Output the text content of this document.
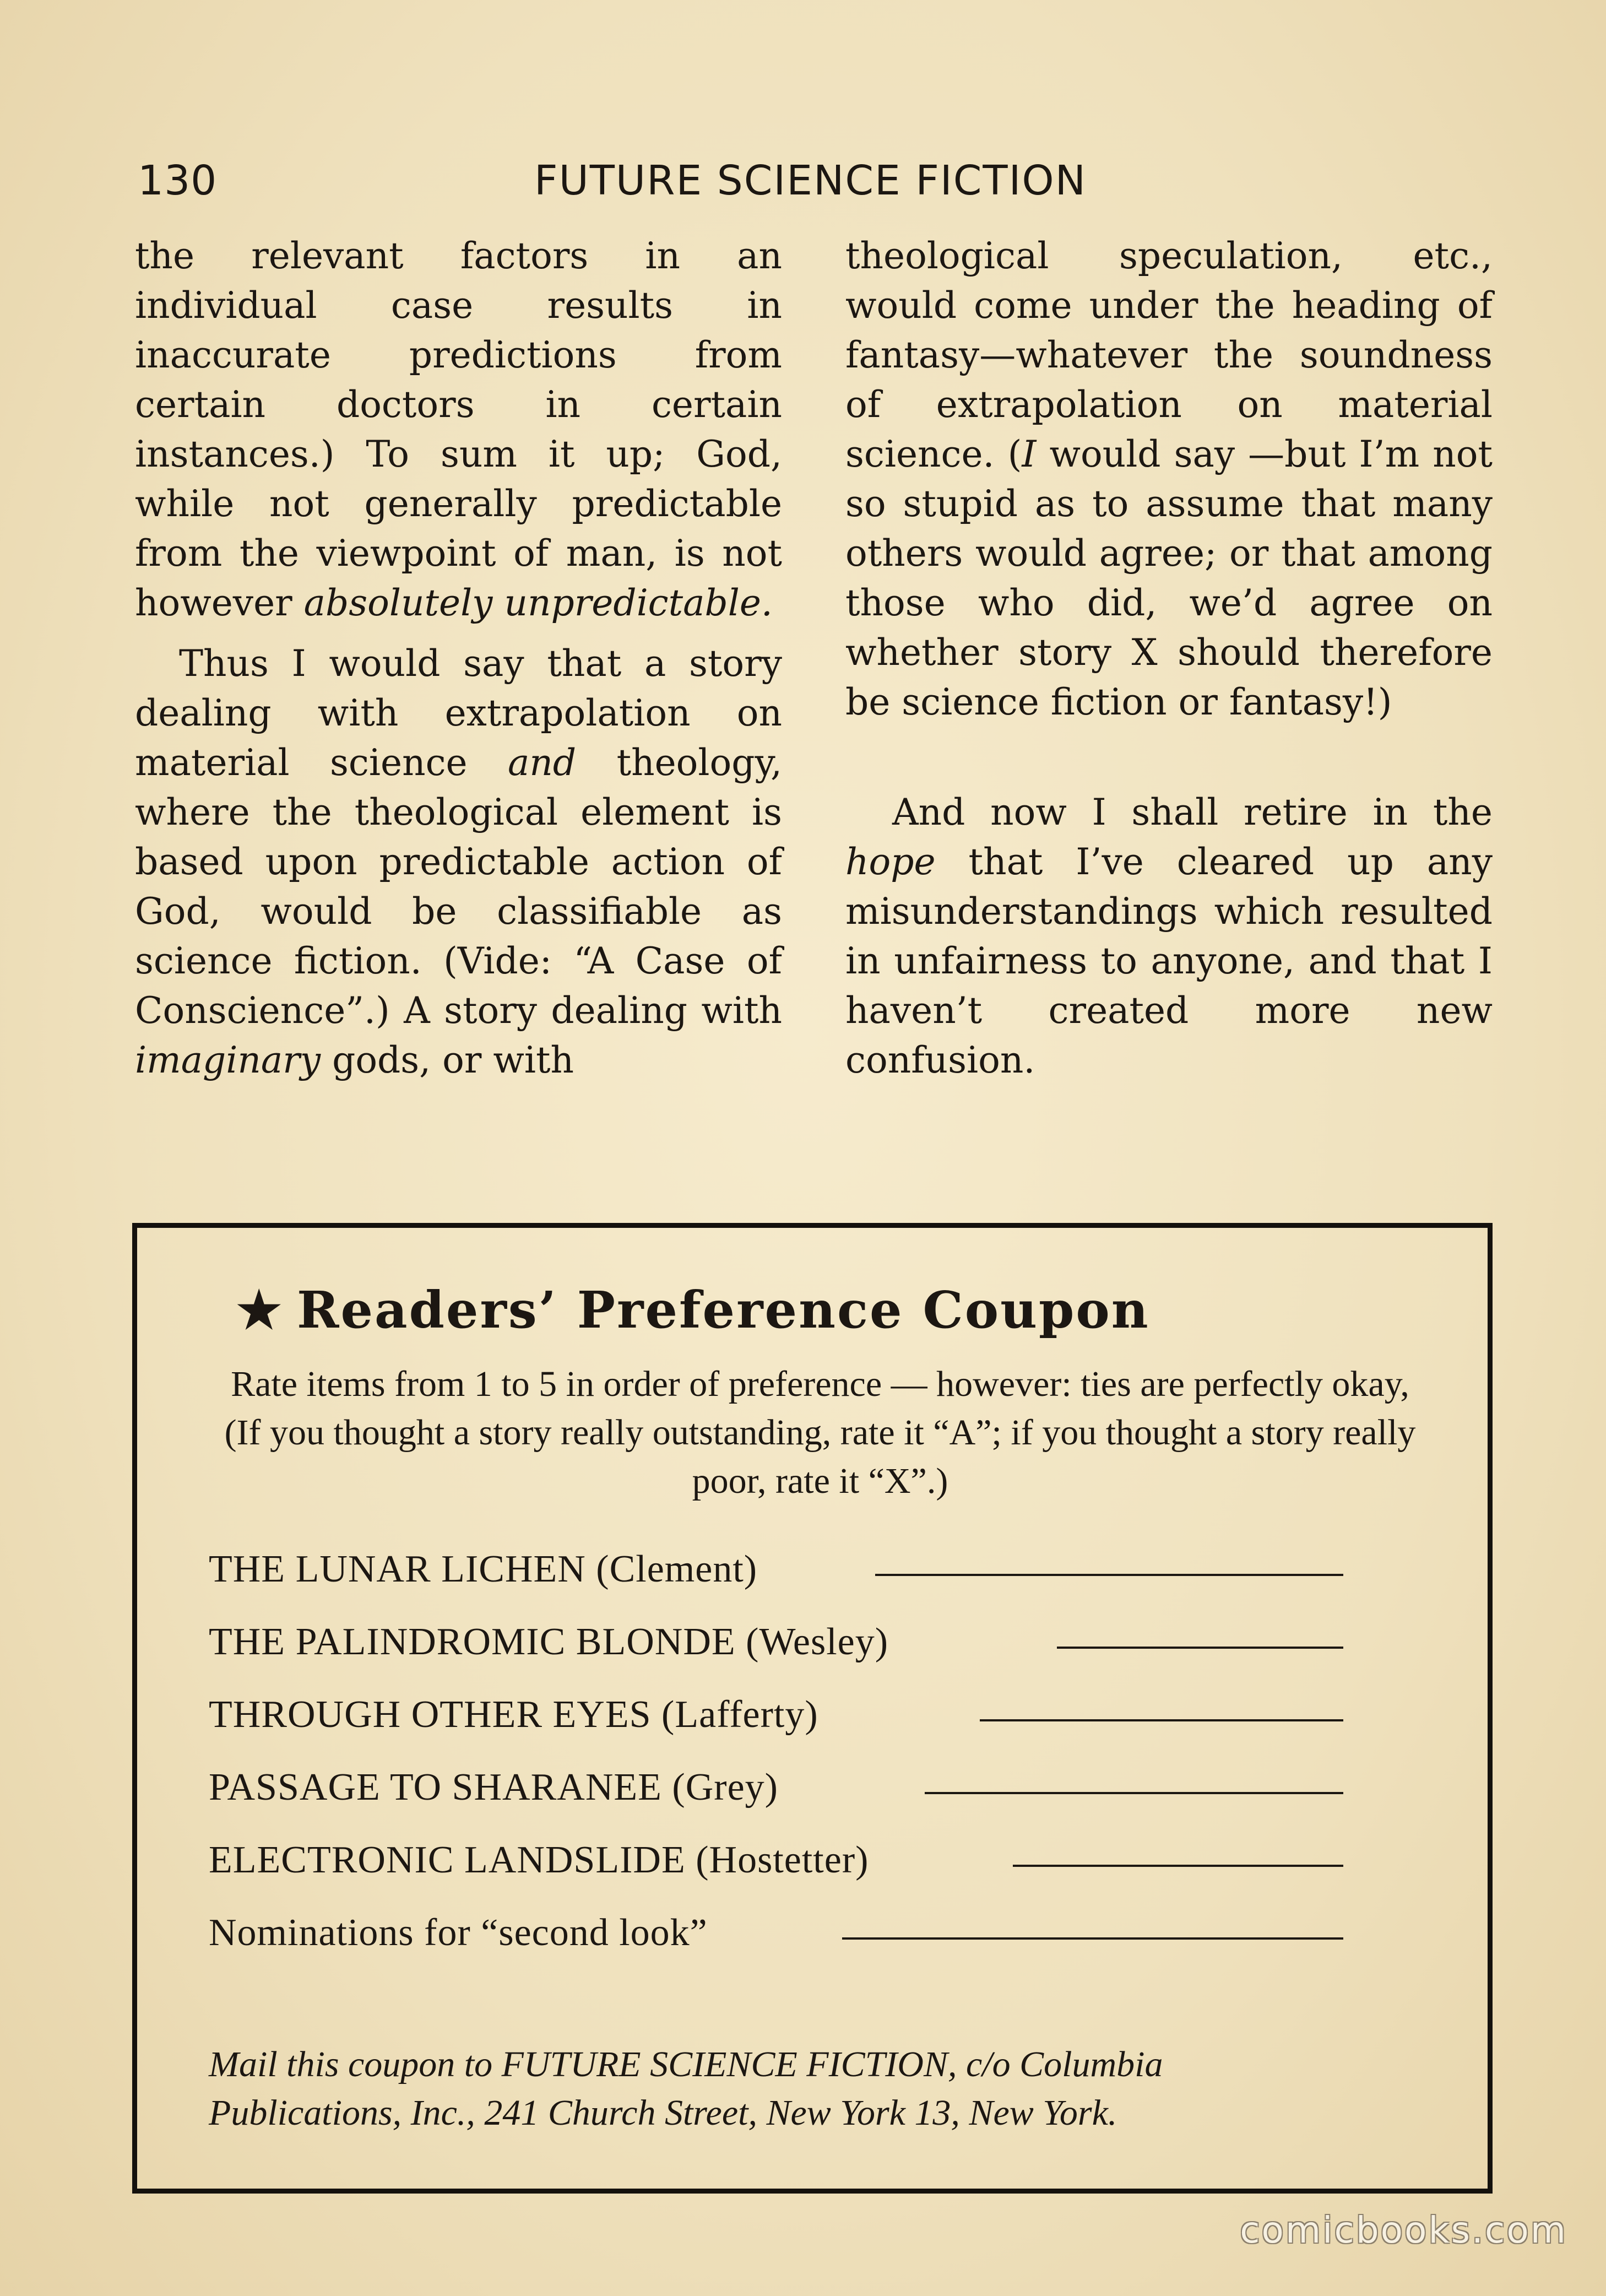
130	FUTURE SCIENCE FICTION

the relevant factors in an individual case results in inaccurate predictions from certain doctors in certain instances.) To sum it up; God, while not generally predictable from the viewpoint of man, is not however absolutely unpredictable.

Thus I would say that a story dealing with extrapolation on material science and theology, where the theological element is based upon predictable action of God, would be classifiable as science fiction. (Vide: “A Case of Conscience”.) A story dealing with imaginary gods, or with

theological speculation, etc., would come under the heading of fantasy—whatever the soundness of extrapolation on material science. (I would say —but I’m not so stupid as to assume that many others would agree; or that among those who did, we’d agree on whether story X should therefore be science fiction or fantasy!)

And now I shall retire in the hope that I’ve cleared up any misunderstandings which resulted in unfairness to anyone, and that I haven’t created more new confusion.

★ Readers’ Preference Coupon
Rate items from 1 to 5 in order of preference — however: ties are perfectly okay, (If you thought a story really outstanding, rate it “A”; if you thought a story really poor, rate it “X”.)
THE LUNAR LICHEN (Clement)
THE PALINDROMIC BLONDE (Wesley)
THROUGH OTHER EYES (Lafferty)
PASSAGE TO SHARANEE (Grey)
ELECTRONIC LANDSLIDE (Hostetter)
Nominations for “second look”
Mail this coupon to FUTURE SCIENCE FICTION, c/o Columbia
Publications, Inc., 241 Church Street, New York 13, New York.
comicbooks.com
